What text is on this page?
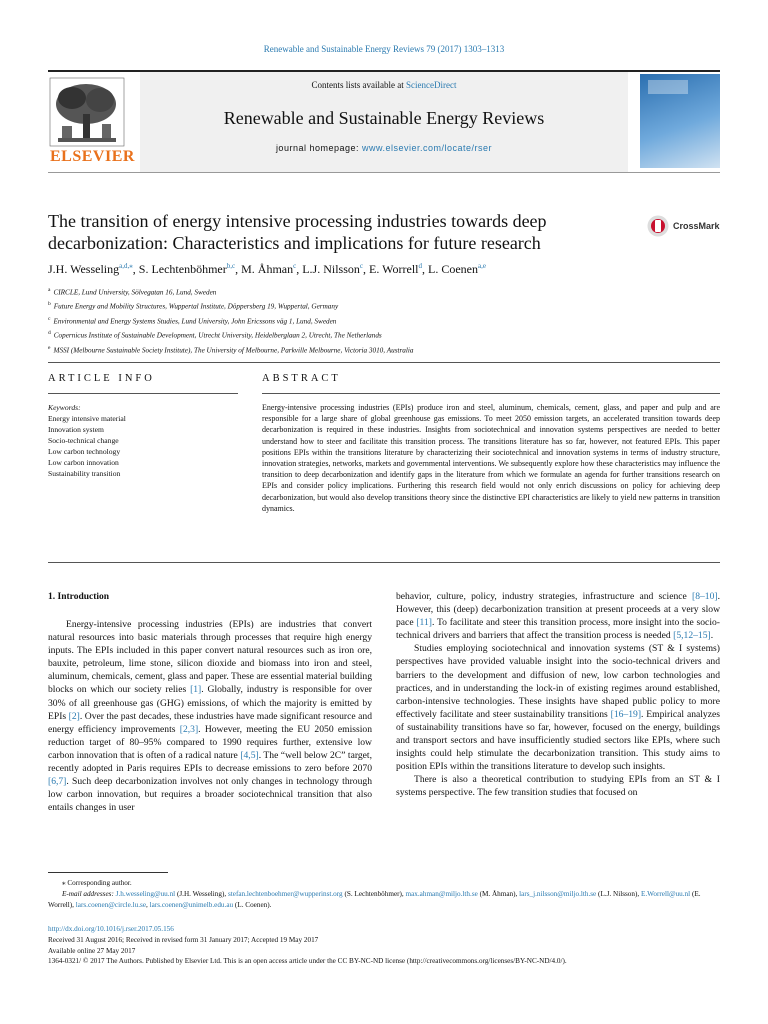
Renewable and Sustainable Energy Reviews 79 (2017) 1303–1313
ELSEVIER
Contents lists available at ScienceDirect
Renewable and Sustainable Energy Reviews
journal homepage: www.elsevier.com/locate/rser
The transition of energy intensive processing industries towards deep
decarbonization: Characteristics and implications for future research
CrossMark
J.H. Wesseling$^{a,d,⁎}$, S. Lechtenböhmer$^{b,c}$, M. Åhman$^c$, L.J. Nilsson$^c$, E. Worrell$^d$, L. Coenen$^{a,e}$
$^a$ CIRCLE, Lund University, Sölvegatan 16, Lund, Sweden
$^b$ Future Energy and Mobility Structures, Wuppertal Institute, Döppersberg 19, Wuppertal, Germany
$^c$ Environmental and Energy Systems Studies, Lund University, John Ericssons väg 1, Lund, Sweden
$^d$ Copernicus Institute of Sustainable Development, Utrecht University, Heidelberglaan 2, Utrecht, The Netherlands
$^e$ MSSI (Melbourne Sustainable Society Institute), The University of Melbourne, Parkville Melbourne, Victoria 3010, Australia
ARTICLE INFO	ABSTRACT
Keywords:
Energy intensive material
Innovation system
Socio-technical change
Low carbon technology
Low carbon innovation
Sustainability transition
Energy-intensive processing industries (EPIs) produce iron and steel, aluminum, chemicals, cement, glass, and paper and pulp and are responsible for a large share of global greenhouse gas emissions. To meet 2050 emission targets, an accelerated transition towards deep decarbonization is required in these industries. Insights from sociotechnical and innovation systems perspectives are needed to better understand how to steer and facilitate this transition process. The transitions literature has so far, however, not featured EPIs. This paper positions EPIs within the transitions literature by characterizing their sociotechnical and innovation systems in terms of industry structure, innovation strategies, networks, markets and governmental interventions. We subsequently explore how these characteristics may influence the transition to deep decarbonization and identify gaps in the literature from which we formulate an agenda for further transitions research on EPIs and consider policy implications. Furthering this research field would not only enrich discussions on policy for achieving deep decarbonization, but would also develop transitions theory since the distinctive EPI characteristics are likely to yield new patterns in transition dynamics.
1. Introduction

Energy-intensive processing industries (EPIs) are industries that convert natural resources into basic materials through processes that require high energy inputs. The EPIs included in this paper convert natural resources such as iron ore, bauxite, petroleum, lime stone, silicon dioxide and biomass into iron and steel, aluminum, chemicals, cement, glass and paper. These are essential material building blocks on which our society relies [1]. Globally, industry is responsible for over 30% of all greenhouse gas (GHG) emissions, of which the majority is emitted by EPIs [2]. Over the past decades, these industries have made significant resource and energy efficiency improvements [2,3]. However, meeting the EU 2050 emission reduction target of 80–95% compared to 1990 requires further, extensive low carbon innovation that is often of a radical nature [4,5]. The “well below 2C” target, recently adopted in Paris requires EPIs to decrease emissions to zero before 2070 [6,7]. Such deep decarbonization involves not only changes in technology through low carbon innovation, but requires a broader sociotechnical transition that also entails changes in user

behavior, culture, policy, industry strategies, infrastructure and science [8–10]. However, this (deep) decarbonization transition at present proceeds at a very slow pace [11]. To facilitate and steer this transition process, more insight into the socio-technical drivers and barriers that affect the transition process is needed [5,12–15].

Studies employing sociotechnical and innovation systems (ST & I systems) perspectives have provided valuable insight into the socio-technical drivers and barriers to the development and diffusion of new, low carbon technologies and practices, and in understanding the lock-in of existing regimes around established, carbon-intensive technologies. These insights have shaped public policy to more effectively facilitate and steer sustainability transitions [16–19]. Empirical analyzes of sustainability transitions have so far, however, focused on the energy, buildings and transport sectors and have insufficiently studied sectors like EPIs, where such insights could help stimulate the decarbonization transition. This study aims to position EPIs within the transitions literature to develop such insights.

There is also a theoretical contribution to studying EPIs from an ST & I systems perspective. The few transition studies that focused on

⁎ Corresponding author.
E-mail addresses: J.h.wesseling@uu.nl (J.H. Wesseling), stefan.lechtenboehmer@wupperinst.org (S. Lechtenböhmer), max.ahman@miljo.lth.se (M. Åhman), lars_j.nilsson@miljo.lth.se (L.J. Nilsson), E.Worrell@uu.nl (E. Worrell), lars.coenen@circle.lu.se, lars.coenen@unimelb.edu.au (L. Coenen).
http://dx.doi.org/10.1016/j.rser.2017.05.156
Received 31 August 2016; Received in revised form 31 January 2017; Accepted 19 May 2017
Available online 27 May 2017
1364-0321/ © 2017 The Authors. Published by Elsevier Ltd. This is an open access article under the CC BY-NC-ND license (http://creativecommons.org/licenses/BY-NC-ND/4.0/).
